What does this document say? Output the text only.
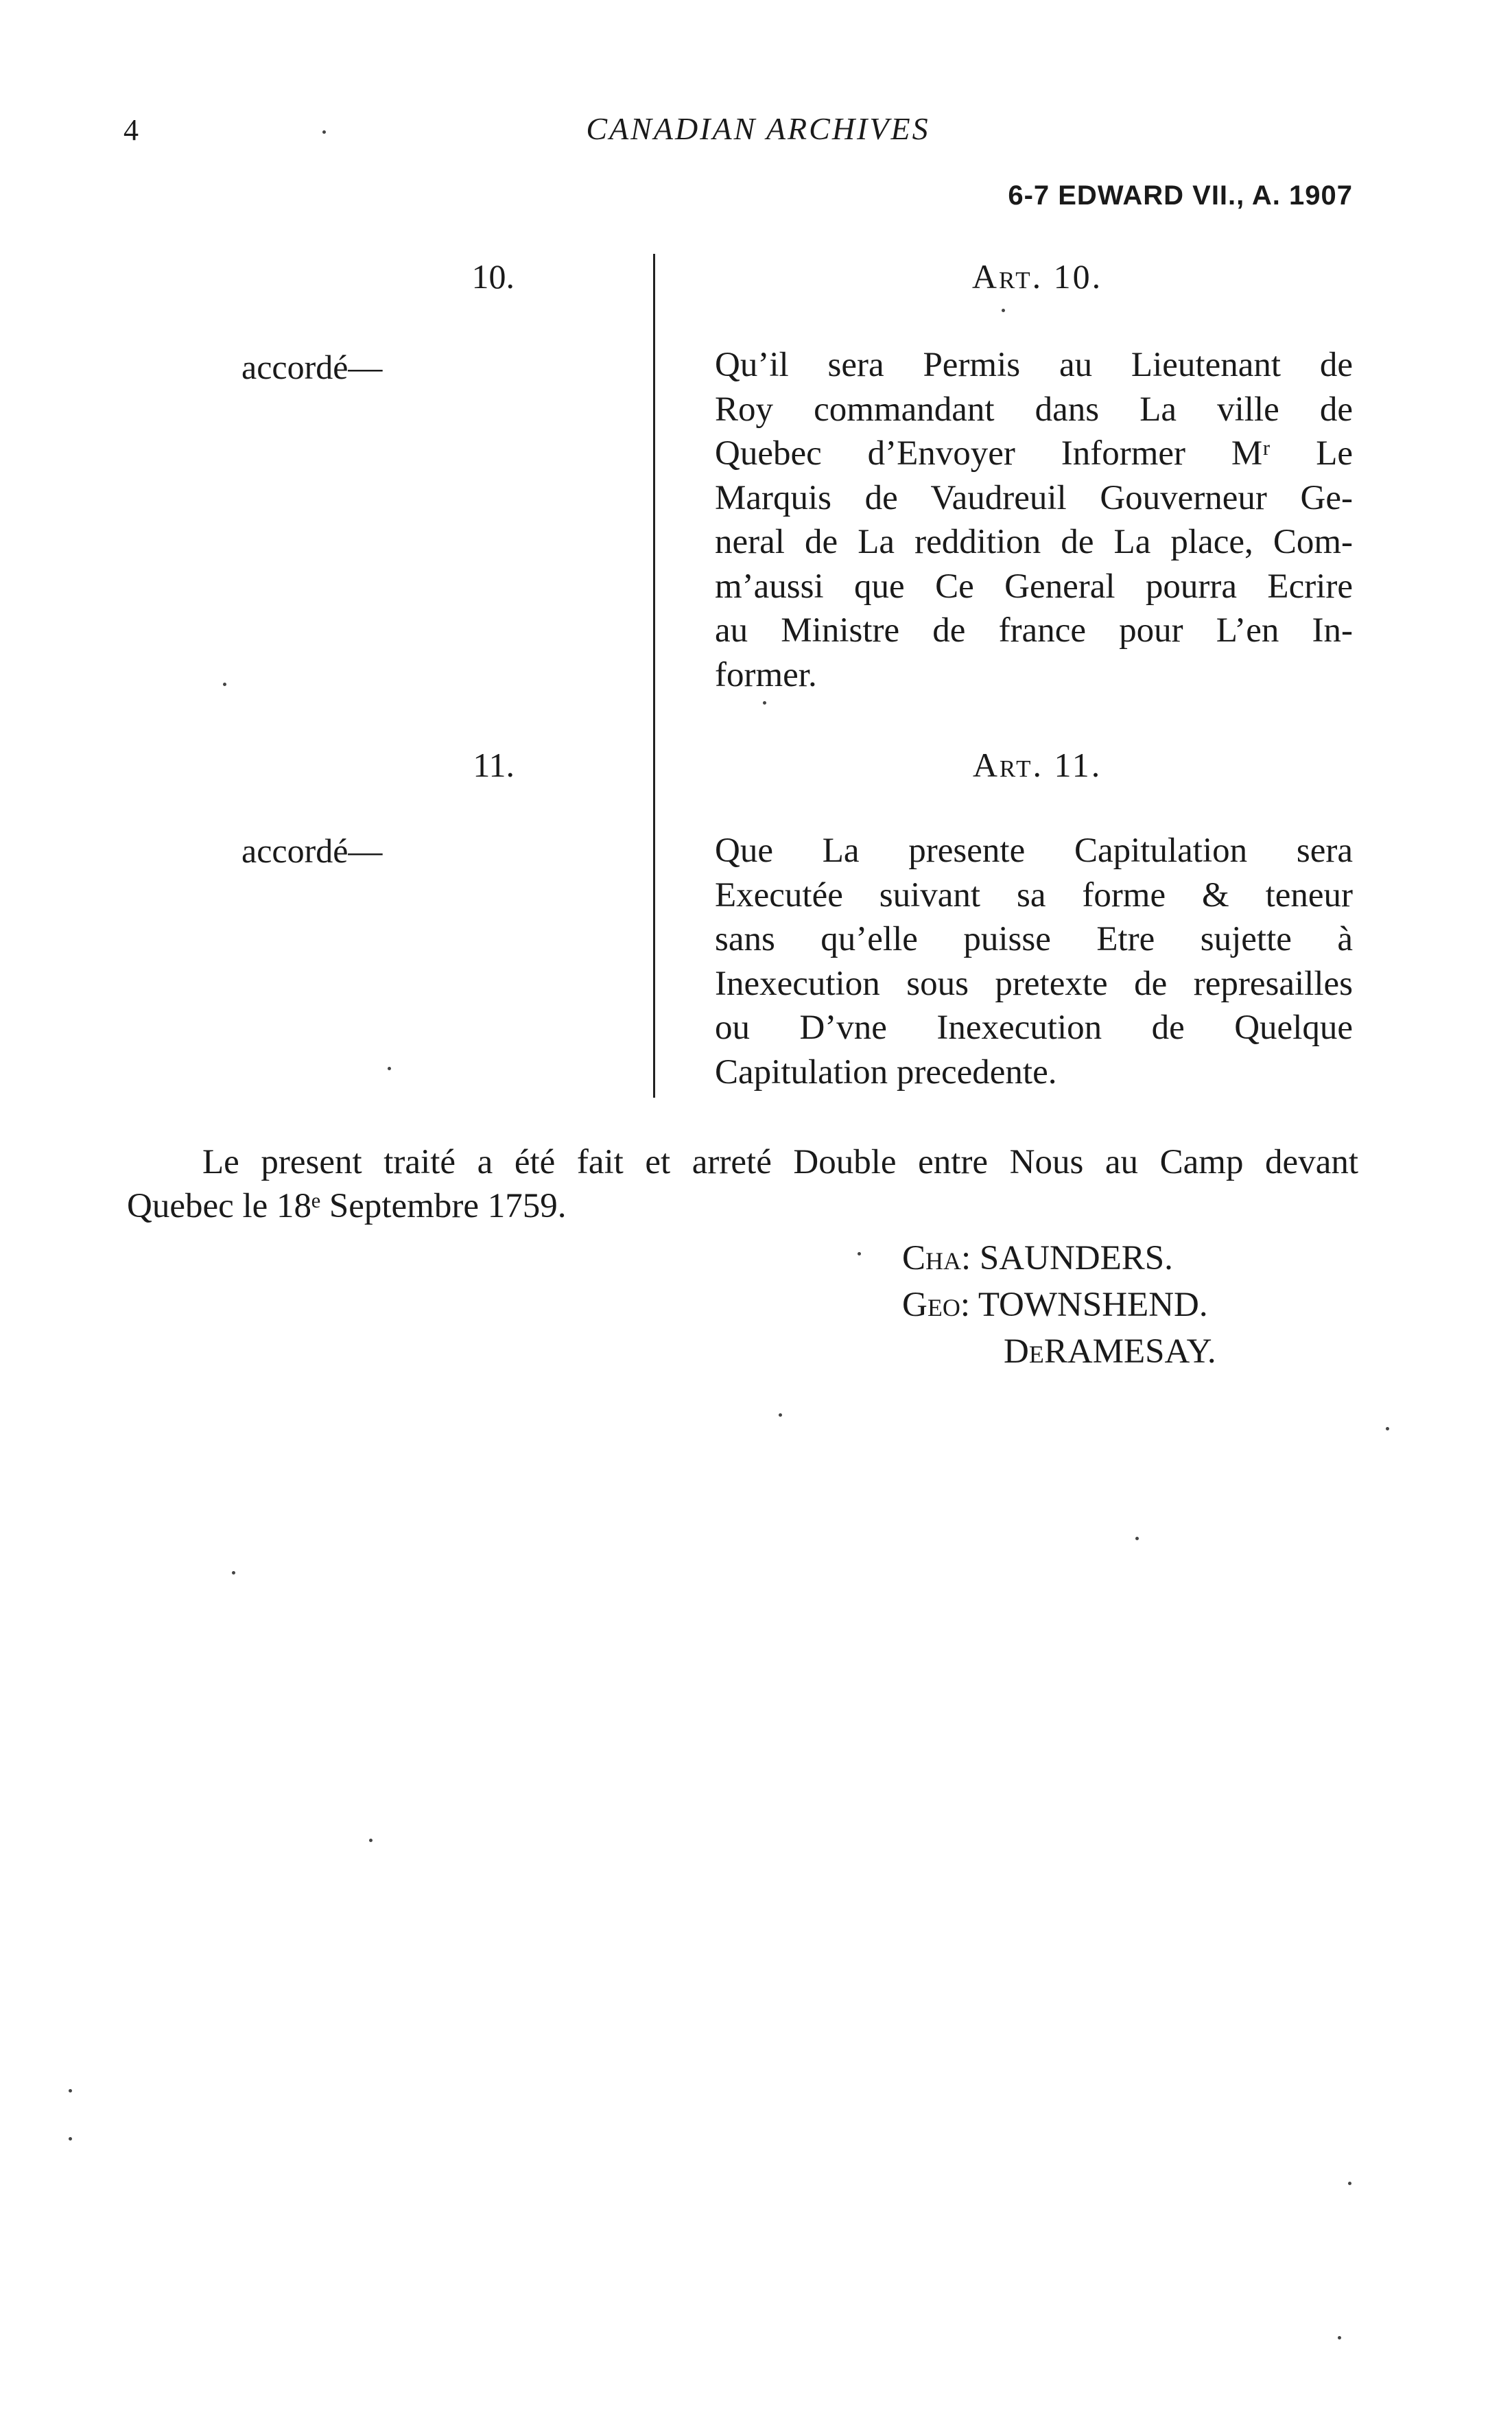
4	CANADIAN ARCHIVES
6-7 EDWARD VII., A. 1907
10.
accordé—
Art. 10.
Qu’il sera Permis au Lieutenant de
Roy commandant dans La ville de
Quebec d’Envoyer Informer Mʳ Le
Marquis de Vaudreuil Gouverneur Ge-
neral de La reddition de La place, Com-
m’aussi que Ce General pourra Ecrire
au Ministre de france pour L’en In-
former.
11.
accordé—
Art. 11.
Que La presente Capitulation sera
Executée suivant sa forme & teneur
sans qu’elle puisse Etre sujette à
Inexecution sous pretexte de represailles
ou D’vne Inexecution de Quelque
Capitulation precedente.

Le present traité a été fait et arreté Double entre Nous au Camp devant
Quebec le 18ᵉ Septembre 1759.

Cha: SAUNDERS.
Geo: TOWNSHEND.
DeRAMESAY.
